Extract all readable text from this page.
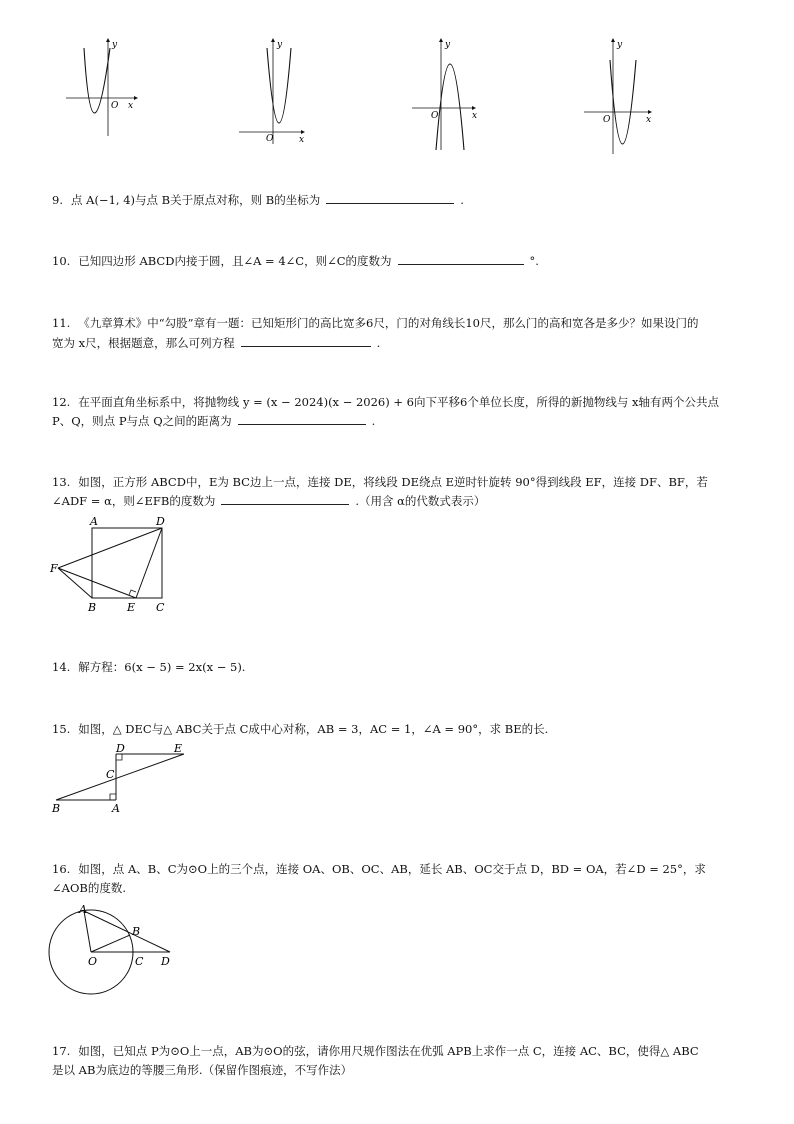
O x
y
O	x
y
O	x
y
O	x
y
9. 点 A(−1, 4)与点 B关于原点对称，则 B的坐标为	.
10. 已知四边形 ABCD内接于圆，且∠A = 4∠C，则∠C的度数为	°.
11. 《九章算术》中“勾股”章有一题：已知矩形门的高比宽多6尺，门的对角线长10尺，那么门的高和宽各是多少？如果设门的
宽为 x尺，根据题意，那么可列方程	.
12. 在平面直角坐标系中，将抛物线 y = (x − 2024)(x − 2026) + 6向下平移6个单位长度，所得的新抛物线与 x轴有两个公共点
P、Q，则点 P与点 Q之间的距离为	.
13. 如图，正方形 ABCD中，E为 BC边上一点，连接 DE，将线段 DE绕点 E逆时针旋转 90°得到线段 EF，连接 DF、BF，若
∠ADF = α，则∠EFB的度数为	.（用含 α的代数式表示）
A	D
F
B	E C
14. 解方程：6(x − 5) = 2x(x − 5).
15. 如图，△ DEC与△ ABC关于点 C成中心对称，AB = 3，AC = 1，∠A = 90°，求 BE的长.
D	E
C
B	A
16. 如图，点 A、B、C为⊙O上的三个点，连接 OA、OB、OC、AB，延长 AB、OC交于点 D，BD = OA，若∠D = 25°，求
∠AOB的度数.
A
B
O	C D
17. 如图，已知点 P为⊙O上一点，AB为⊙O的弦，请你用尺规作图法在优弧 APB上求作一点 C，连接 AC、BC，使得△ ABC
是以 AB为底边的等腰三角形.（保留作图痕迹，不写作法）
